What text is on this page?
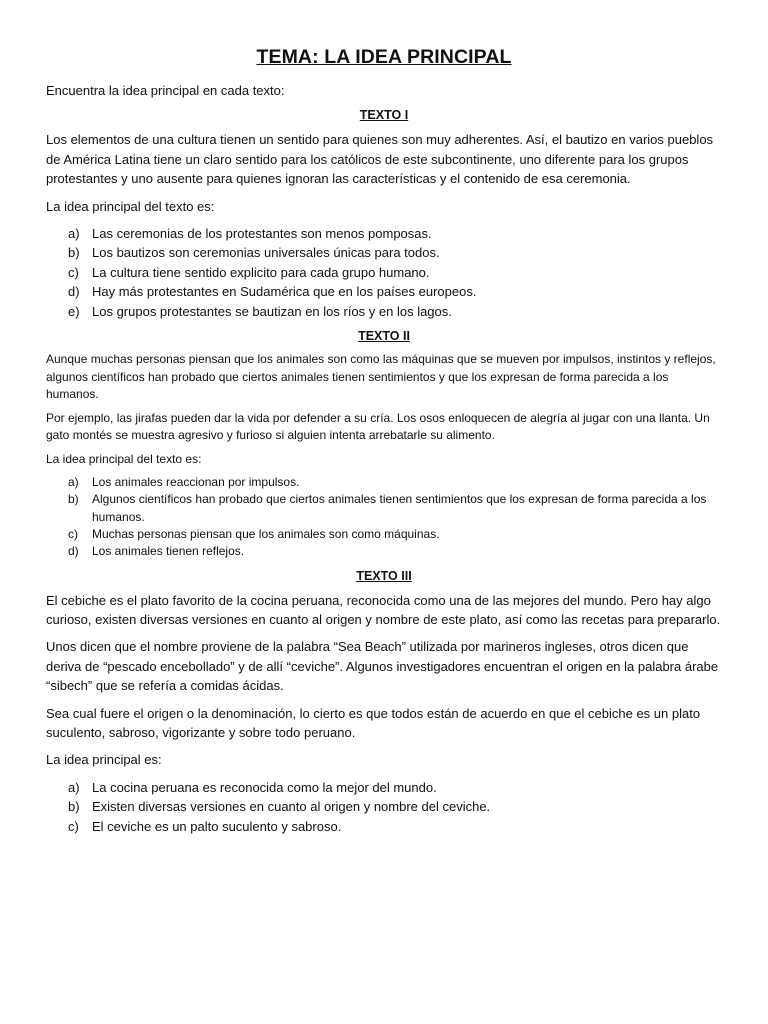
TEMA: LA IDEA PRINCIPAL

Encuentra la idea principal en cada texto:

TEXTO I

Los elementos de una cultura tienen un sentido para quienes son muy adherentes. Así, el bautizo en varios pueblos de América Latina tiene un claro sentido para los católicos de este subcontinente, uno diferente para los grupos protestantes y uno ausente para quienes ignoran las características y el contenido de esa ceremonia.

La idea principal del texto es:

a) Las ceremonias de los protestantes son menos pomposas.
b) Los bautizos son ceremonias universales únicas para todos.
c)	La cultura tiene sentido explicito para cada grupo humano.
d) Hay más protestantes en Sudamérica que en los países europeos.
e) Los grupos protestantes se bautizan en los ríos y en los lagos.
TEXTO II

Aunque muchas personas piensan que los animales son como las máquinas que se mueven por impulsos, instintos y reflejos, algunos científicos han probado que ciertos animales tienen sentimientos y que los expresan de forma parecida a los humanos.

Por ejemplo, las jirafas pueden dar la vida por defender a su cría. Los osos enloquecen de alegría al jugar con una llanta. Un gato montés se muestra agresivo y furioso si alguien intenta arrebatarle su alimento.

La idea principal del texto es:

a)	Los animales reaccionan por impulsos.
b)	Algunos científicos han probado que ciertos animales tienen sentimientos que los expresan de forma parecida a los humanos.
c)	Muchas personas piensan que los animales son como máquinas.
d)	Los animales tienen reflejos.
TEXTO III

El cebiche es el plato favorito de la cocina peruana, reconocida como una de las mejores del mundo. Pero hay algo curioso, existen diversas versiones en cuanto al origen y nombre de este plato, así como las recetas para prepararlo.

Unos dicen que el nombre proviene de la palabra “Sea Beach” utilizada por marineros ingleses, otros dicen que deriva de “pescado encebollado” y de allí “ceviche”. Algunos investigadores encuentran el origen en la palabra árabe “sibech” que se refería a comidas ácidas.

Sea cual fuere el origen o la denominación, lo cierto es que todos están de acuerdo en que el cebiche es un plato suculento, sabroso, vigorizante y sobre todo peruano.

La idea principal es:

a) La cocina peruana es reconocida como la mejor del mundo.
b) Existen diversas versiones en cuanto al origen y nombre del ceviche.
c)	El ceviche es un palto suculento y sabroso.
